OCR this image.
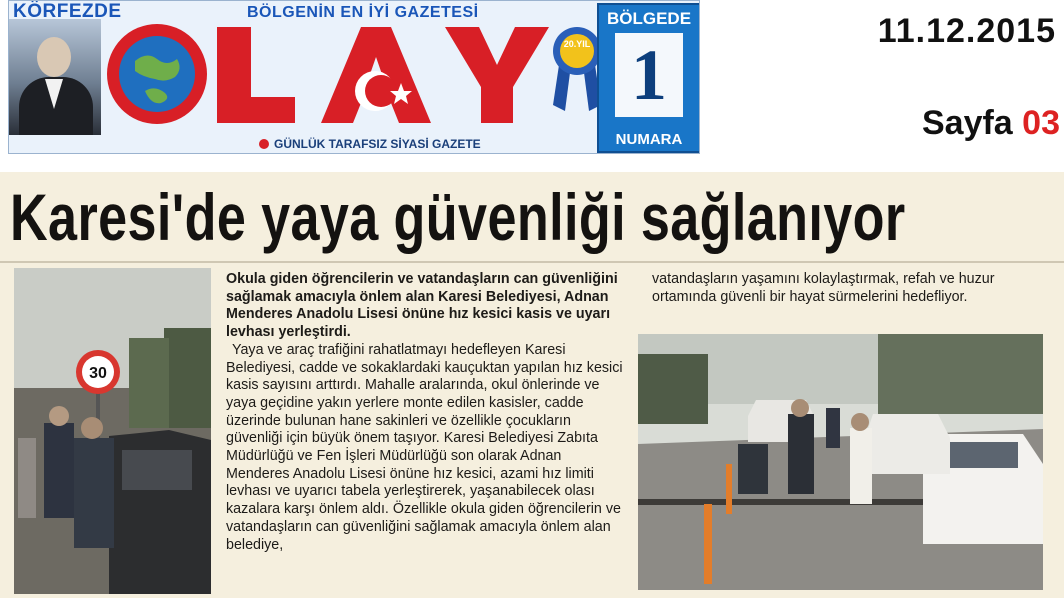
KÖRFEZDE	BÖLGENİN EN İYİ GAZETESİ
GÜNLÜK TARAFSIZ SİYASİ GAZETE
20.YIL
BÖLGEDE
1
NUMARA
11.12.2015
Sayfa 03
Karesi'de yaya güvenliği sağlanıyor
30
Okula giden öğrencilerin ve vatandaşların can güvenliğini sağlamak amacıyla önlem alan Karesi Belediyesi, Adnan Menderes Anadolu Lisesi önüne hız kesici kasis ve uyarı levhası yerleştirdi.
Yaya ve araç trafiğini rahatlatmayı hedefleyen Karesi Belediyesi, cadde ve sokaklardaki kauçuktan yapılan hız kesici kasis sayısını arttırdı. Mahalle aralarında, okul önlerinde ve yaya geçidine yakın yerlere monte edilen kasisler, cadde üzerinde bulunan hane sakinleri ve özellikle çocukların güvenliği için büyük önem taşıyor. Karesi Belediyesi Zabıta Müdürlüğü ve Fen İşleri Müdürlüğü son olarak Adnan Menderes Anadolu Lisesi önüne hız kesici, azami hız limiti levhası ve uyarıcı tabela yerleştirerek, yaşanabilecek olası kazalara karşı önlem aldı. Özellikle okula giden öğrencilerin ve vatandaşların can güvenliğini sağlamak amacıyla önlem alan belediye,
vatandaşların yaşamını kolaylaştırmak, refah ve huzur ortamında güvenli bir hayat sürmelerini hedefliyor.
